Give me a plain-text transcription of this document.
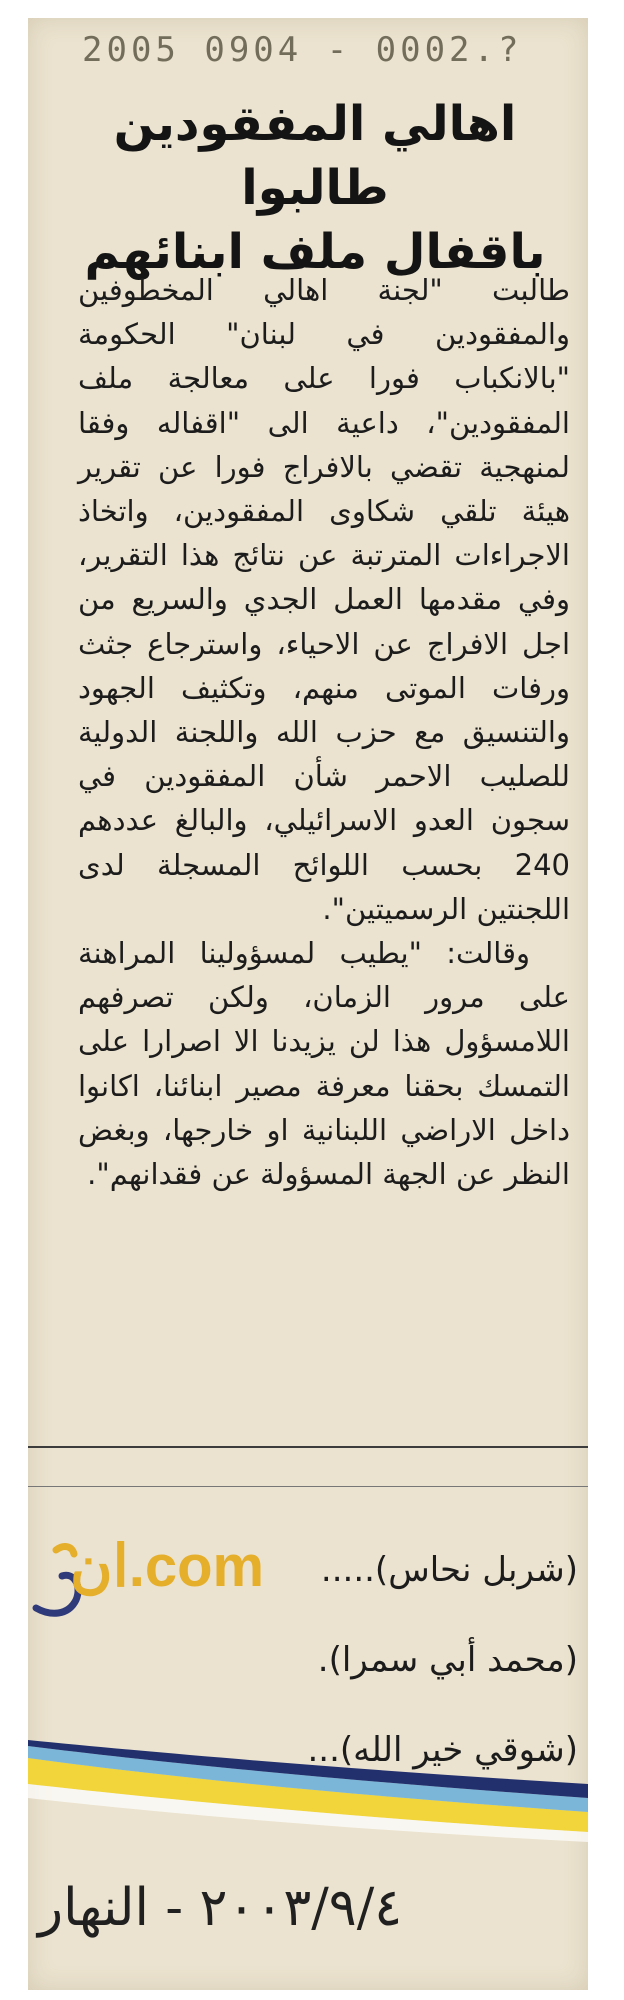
2005 0904 - 0002.?
اهالي المفقودين طالبوا
باقفال ملف ابنائهم

طالبت "لجنة اهالي المخطوفين والمفقودين في لبنان" الحكومة "بالانكباب فورا على معالجة ملف المفقودين"، داعية الى "اقفاله وفقا لمنهجية تقضي بالافراج فورا عن تقرير هيئة تلقي شكاوى المفقودين، واتخاذ الاجراءات المترتبة عن نتائج هذا التقرير، وفي مقدمها العمل الجدي والسريع من اجل الافراج عن الاحياء، واسترجاع جثث ورفات الموتى منهم، وتكثيف الجهود والتنسيق مع حزب الله واللجنة الدولية للصليب الاحمر شأن المفقودين في سجون العدو الاسرائيلي، والبالغ عددهم 240 بحسب اللوائح المسجلة لدى اللجنتين الرسميتين".

وقالت: "يطيب لمسؤولينا المراهنة على مرور الزمان، ولكن تصرفهم اللامسؤول هذا لن يزيدنا الا اصرارا على التمسك بحقنا معرفة مصير ابنائنا، اكانوا داخل الاراضي اللبنانية او خارجها، وبغض النظر عن الجهة المسؤولة عن فقدانهم".

ان.com	(شربل نحاس).....
(محمد أبي سمرا).
(شوقي خير الله)...
٢٠٠٣/٩/٤ - النهار
